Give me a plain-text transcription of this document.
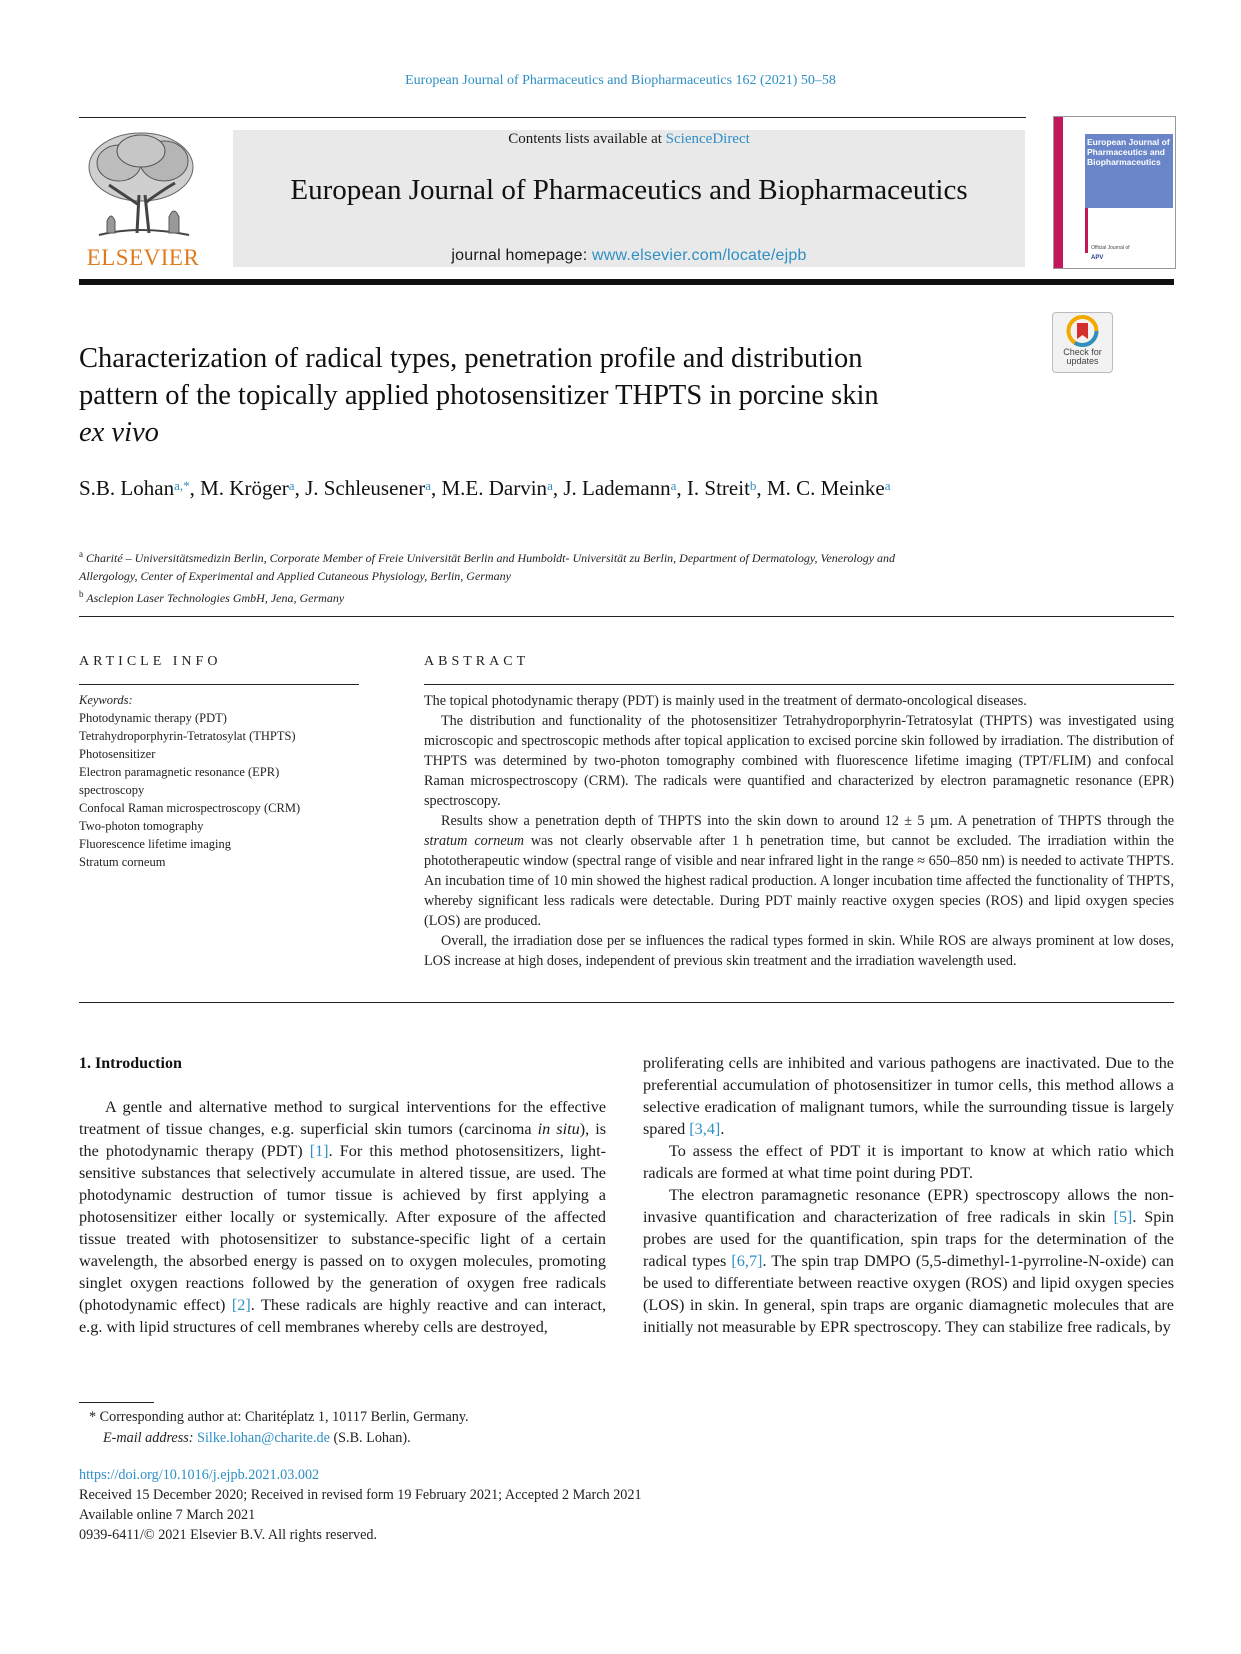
European Journal of Pharmaceutics and Biopharmaceutics 162 (2021) 50–58
ELSEVIER
Contents lists available at ScienceDirect
European Journal of Pharmaceutics and Biopharmaceutics
journal homepage: www.elsevier.com/locate/ejpb
European Journal of Pharmaceutics and Biopharmaceutics
Official Journal of
APV
Check for updates
Characterization of radical types, penetration profile and distribution
pattern of the topically applied photosensitizer THPTS in porcine skin
ex vivo
S.B. Lohan$^{a,*}$, M. Kröger$^a$, J. Schleusener$^a$, M.E. Darvin$^a$, J. Lademann$^a$, I. Streit$^b$, M. C. Meinke$^a$
$^a$ Charité – Universitätsmedizin Berlin, Corporate Member of Freie Universität Berlin and Humboldt- Universität zu Berlin, Department of Dermatology, Venerology and
Allergology, Center of Experimental and Applied Cutaneous Physiology, Berlin, Germany
$^b$ Asclepion Laser Technologies GmbH, Jena, Germany
ARTICLE INFO	ABSTRACT
Keywords:
Photodynamic therapy (PDT)
Tetrahydroporphyrin-Tetratosylat (THPTS)
Photosensitizer
Electron paramagnetic resonance (EPR)
spectroscopy
Confocal Raman microspectroscopy (CRM)
Two-photon tomography
Fluorescence lifetime imaging
Stratum corneum

The topical photodynamic therapy (PDT) is mainly used in the treatment of dermato-oncological diseases.

The distribution and functionality of the photosensitizer Tetrahydroporphyrin-Tetratosylat (THPTS) was investigated using microscopic and spectroscopic methods after topical application to excised porcine skin followed by irradiation. The distribution of THPTS was determined by two-photon tomography combined with fluorescence lifetime imaging (TPT/FLIM) and confocal Raman microspectroscopy (CRM). The radicals were quantified and characterized by electron paramagnetic resonance (EPR) spectroscopy.

Results show a penetration depth of THPTS into the skin down to around 12 ± 5 µm. A penetration of THPTS through the stratum corneum was not clearly observable after 1 h penetration time, but cannot be excluded. The irradiation within the phototherapeutic window (spectral range of visible and near infrared light in the range ≈ 650–850 nm) is needed to activate THPTS. An incubation time of 10 min showed the highest radical production. A longer incubation time affected the functionality of THPTS, whereby significant less radicals were detectable. During PDT mainly reactive oxygen species (ROS) and lipid oxygen species (LOS) are produced.

Overall, the irradiation dose per se influences the radical types formed in skin. While ROS are always prominent at low doses, LOS increase at high doses, independent of previous skin treatment and the irradiation wavelength used.

1. Introduction

A gentle and alternative method to surgical interventions for the effective treatment of tissue changes, e.g. superficial skin tumors (carcinoma in situ), is the photodynamic therapy (PDT) [1]. For this method photosensitizers, light-sensitive substances that selectively accumulate in altered tissue, are used. The photodynamic destruction of tumor tissue is achieved by first applying a photosensitizer either locally or systemically. After exposure of the affected tissue treated with photosensitizer to substance-specific light of a certain wavelength, the absorbed energy is passed on to oxygen molecules, promoting singlet oxygen reactions followed by the generation of oxygen free radicals (photodynamic effect) [2]. These radicals are highly reactive and can interact, e.g. with lipid structures of cell membranes whereby cells are destroyed,

proliferating cells are inhibited and various pathogens are inactivated. Due to the preferential accumulation of photosensitizer in tumor cells, this method allows a selective eradication of malignant tumors, while the surrounding tissue is largely spared [3,4].

To assess the effect of PDT it is important to know at which ratio which radicals are formed at what time point during PDT.

The electron paramagnetic resonance (EPR) spectroscopy allows the non-invasive quantification and characterization of free radicals in skin [5]. Spin probes are used for the quantification, spin traps for the determination of the radical types [6,7]. The spin trap DMPO (5,5-dimethyl-1-pyrroline-N-oxide) can be used to differentiate between reactive oxygen (ROS) and lipid oxygen species (LOS) in skin. In general, spin traps are organic diamagnetic molecules that are initially not measurable by EPR spectroscopy. They can stabilize free radicals, by

* Corresponding author at: Charitéplatz 1, 10117 Berlin, Germany.
E-mail address: Silke.lohan@charite.de (S.B. Lohan).
https://doi.org/10.1016/j.ejpb.2021.03.002
Received 15 December 2020; Received in revised form 19 February 2021; Accepted 2 March 2021
Available online 7 March 2021
0939-6411/© 2021 Elsevier B.V. All rights reserved.
